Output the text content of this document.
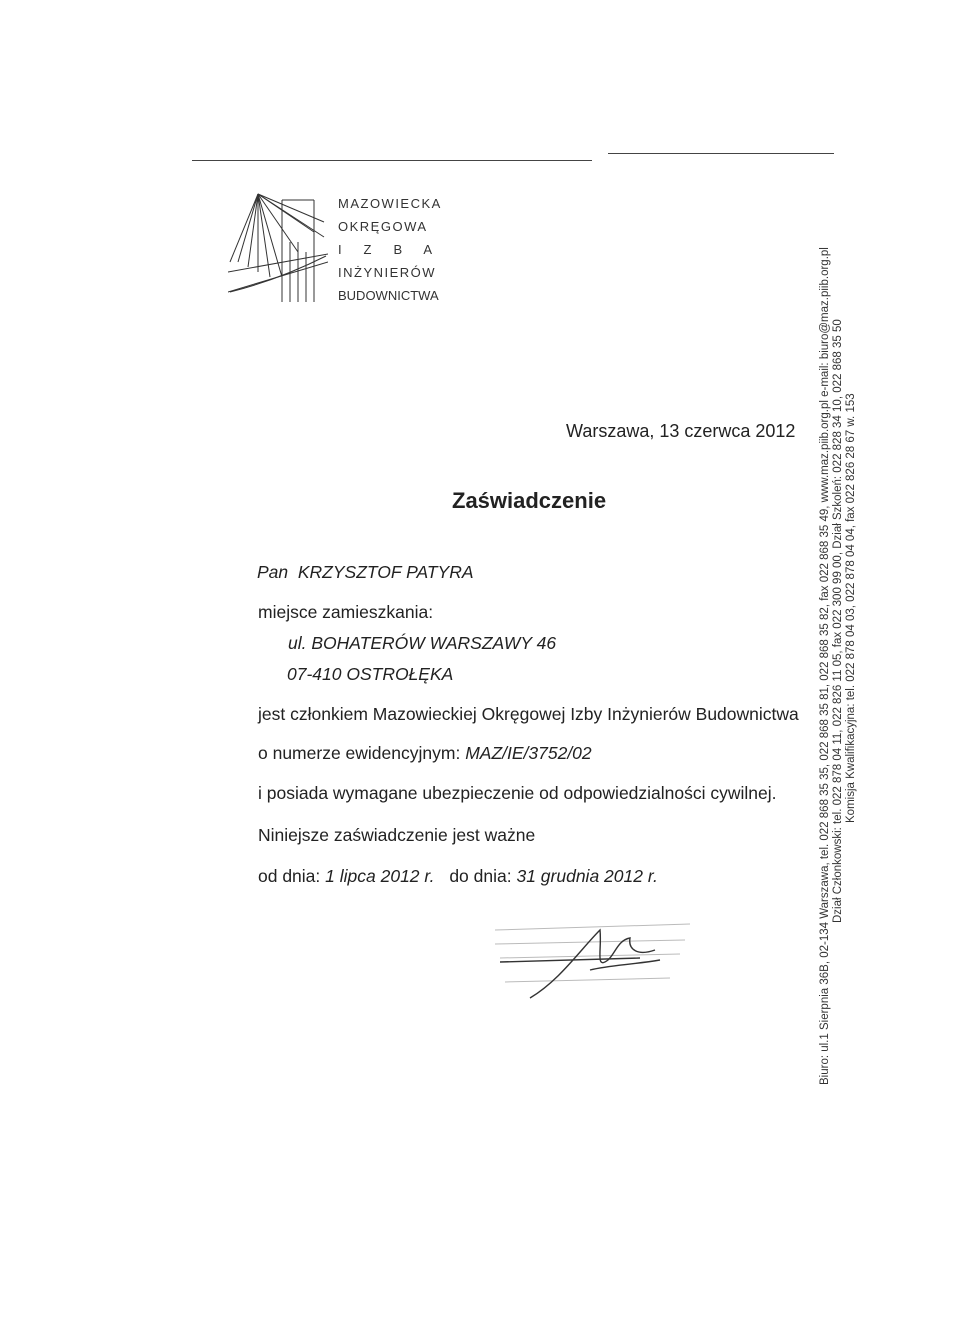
MAZOWIECKA
OKRĘGOWA
I    Z    B    A
INŻYNIERÓW
BUDOWNICTWA
Warszawa, 13 czerwca 2012
Zaświadczenie
Pan  KRZYSZTOF PATYRA
miejsce zamieszkania:
ul. BOHATERÓW WARSZAWY 46
07-410 OSTROŁĘKA
jest członkiem Mazowieckiej Okręgowej Izby Inżynierów Budownictwa
o numerze ewidencyjnym: MAZ/IE/3752/02
i posiada wymagane ubezpieczenie od odpowiedzialności cywilnej.
Niniejsze zaświadczenie jest ważne
od dnia: 1 lipca 2012 r. do dnia: 31 grudnia 2012 r.	Biuro: ul.1 Sierpnia 36B, 02-134 Warszawa, tel. 022 868 35 35, 022 868 35 81, 022 868 35 82, fax 022 868 35 49, www.maz.piib.org.pl e-mail: biuro@maz.piib.org.pl Dział Członkowski: tel. 022 878 04 11, 022 826 11 05, fax 022 300 99 00, Dział Szkoleń: 022 828 34 10, 022 868 35 50 Komisja Kwalifikacyjna: tel. 022 878 04 03, 022 878 04 04, fax 022 826 28 67 w. 153
